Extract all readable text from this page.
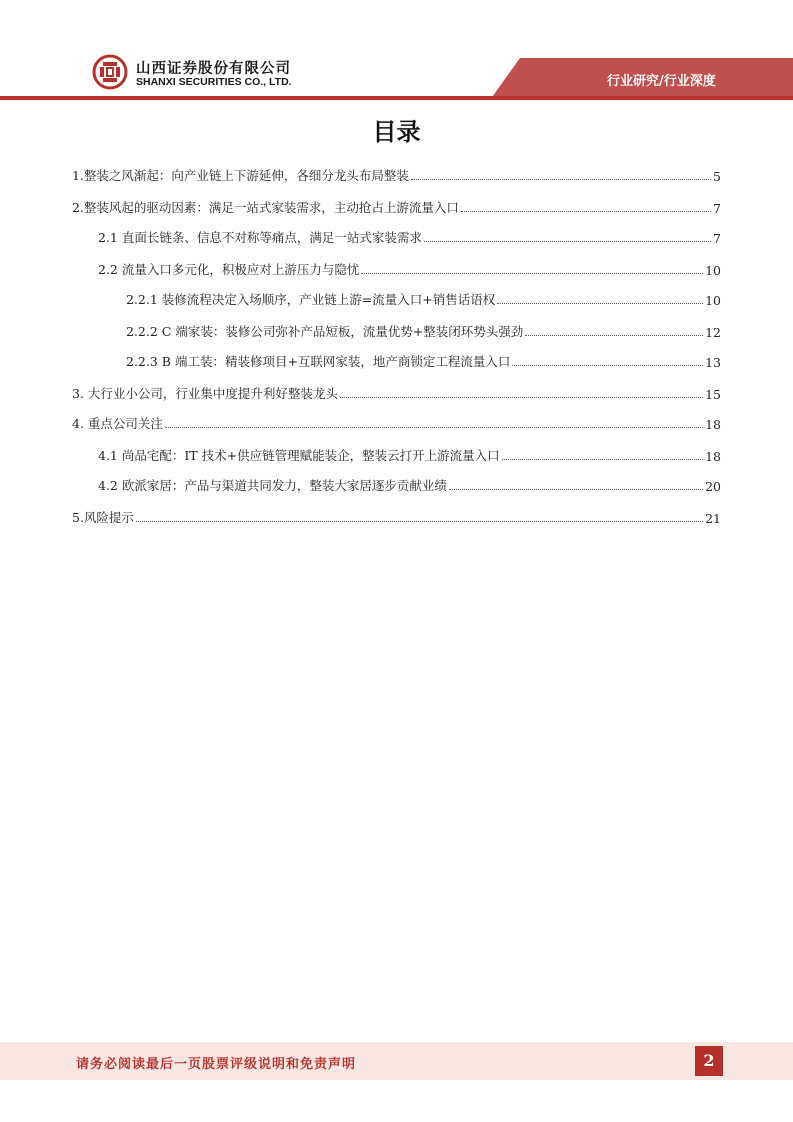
山西证券股份有限公司
SHANXI SECURITIES CO., LTD.	行业研究/行业深度
目录
1.整装之风渐起：向产业链上下游延伸，各细分龙头布局整装	5
2.整装风起的驱动因素：满足一站式家装需求，主动抢占上游流量入口	7
2.1 直面长链条、信息不对称等痛点，满足一站式家装需求	7
2.2 流量入口多元化，积极应对上游压力与隐忧	10
2.2.1 装修流程决定入场顺序，产业链上游=流量入口+销售话语权	10
2.2.2 C 端家装：装修公司弥补产品短板，流量优势+整装闭环势头强劲	12
2.2.3 B 端工装：精装修项目+互联网家装，地产商锁定工程流量入口	13
3. 大行业小公司，行业集中度提升利好整装龙头	15
4. 重点公司关注	18
4.1 尚品宅配：IT 技术+供应链管理赋能装企，整装云打开上游流量入口	18
4.2 欧派家居：产品与渠道共同发力，整装大家居逐步贡献业绩	20
5.风险提示	21
请务必阅读最后一页股票评级说明和免责声明	2
